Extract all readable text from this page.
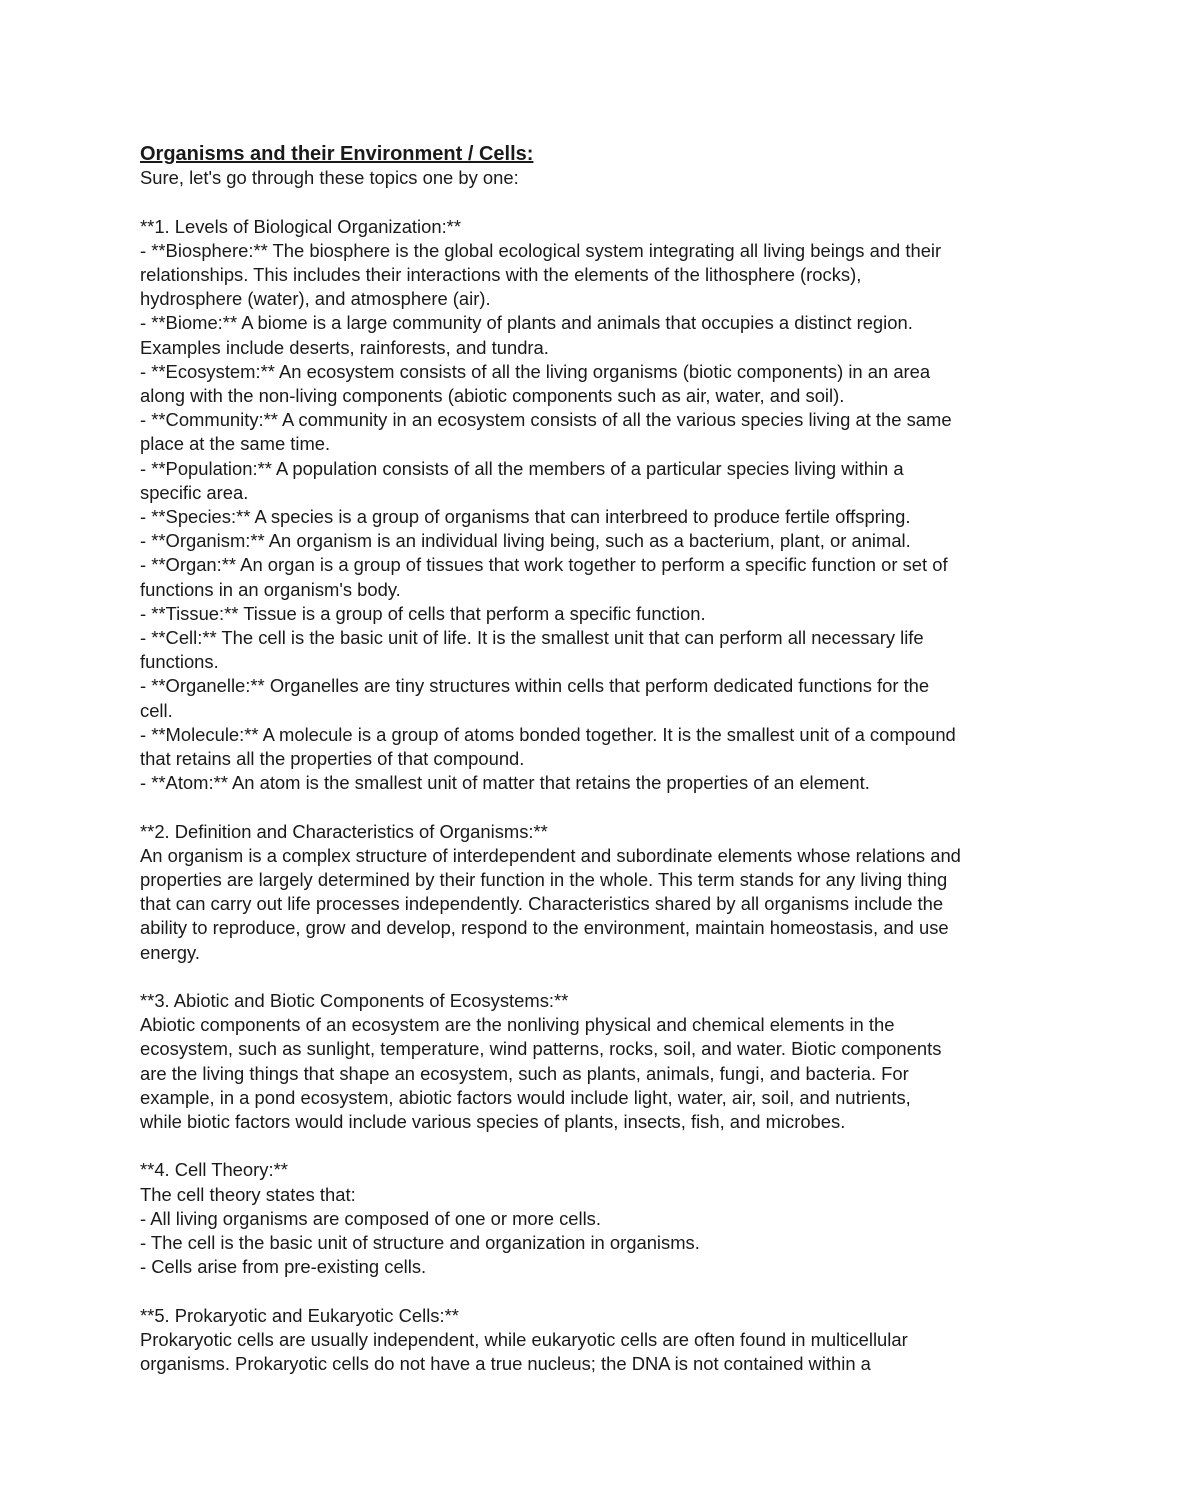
Organisms and their Environment / Cells:

Sure, let's go through these topics one by one:

**1. Levels of Biological Organization:**

- **Biosphere:** The biosphere is the global ecological system integrating all living beings and their

relationships. This includes their interactions with the elements of the lithosphere (rocks),

hydrosphere (water), and atmosphere (air).

- **Biome:** A biome is a large community of plants and animals that occupies a distinct region.

Examples include deserts, rainforests, and tundra.

- **Ecosystem:** An ecosystem consists of all the living organisms (biotic components) in an area

along with the non-living components (abiotic components such as air, water, and soil).

- **Community:** A community in an ecosystem consists of all the various species living at the same

place at the same time.

- **Population:** A population consists of all the members of a particular species living within a

specific area.

- **Species:** A species is a group of organisms that can interbreed to produce fertile offspring.

- **Organism:** An organism is an individual living being, such as a bacterium, plant, or animal.

- **Organ:** An organ is a group of tissues that work together to perform a specific function or set of

functions in an organism's body.

- **Tissue:** Tissue is a group of cells that perform a specific function.

- **Cell:** The cell is the basic unit of life. It is the smallest unit that can perform all necessary life

functions.

- **Organelle:** Organelles are tiny structures within cells that perform dedicated functions for the

cell.

- **Molecule:** A molecule is a group of atoms bonded together. It is the smallest unit of a compound

that retains all the properties of that compound.

- **Atom:** An atom is the smallest unit of matter that retains the properties of an element.

**2. Definition and Characteristics of Organisms:**

An organism is a complex structure of interdependent and subordinate elements whose relations and

properties are largely determined by their function in the whole. This term stands for any living thing

that can carry out life processes independently. Characteristics shared by all organisms include the

ability to reproduce, grow and develop, respond to the environment, maintain homeostasis, and use

energy.

**3. Abiotic and Biotic Components of Ecosystems:**

Abiotic components of an ecosystem are the nonliving physical and chemical elements in the

ecosystem, such as sunlight, temperature, wind patterns, rocks, soil, and water. Biotic components

are the living things that shape an ecosystem, such as plants, animals, fungi, and bacteria. For

example, in a pond ecosystem, abiotic factors would include light, water, air, soil, and nutrients,

while biotic factors would include various species of plants, insects, fish, and microbes.

**4. Cell Theory:**

The cell theory states that:

- All living organisms are composed of one or more cells.

- The cell is the basic unit of structure and organization in organisms.

- Cells arise from pre-existing cells.

**5. Prokaryotic and Eukaryotic Cells:**

Prokaryotic cells are usually independent, while eukaryotic cells are often found in multicellular

organisms. Prokaryotic cells do not have a true nucleus; the DNA is not contained within a
